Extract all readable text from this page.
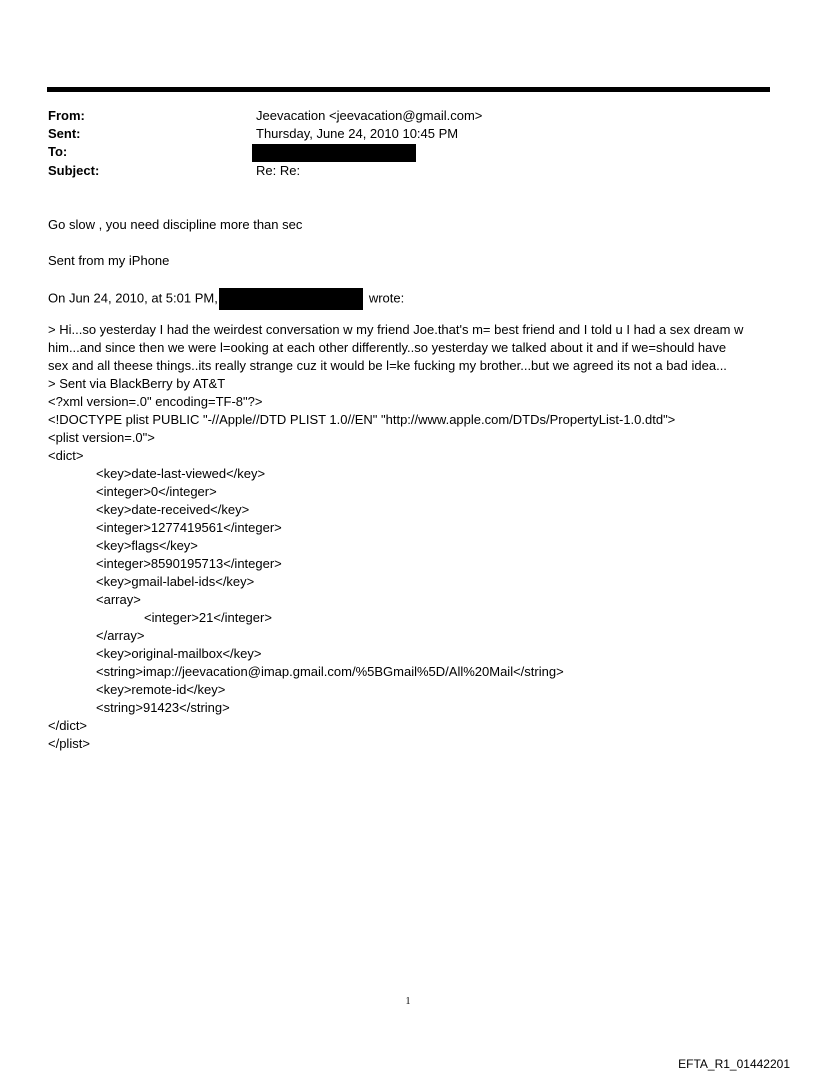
From:	Jeevacation <jeevacation@gmail.com>
Sent:	Thursday, June 24, 2010 10:45 PM
To:
Subject:	Re: Re:
Go slow , you need discipline more than sec
Sent from my iPhone
On Jun 24, 2010, at 5:01 PM,	wrote:
> Hi...so yesterday I had the weirdest conversation w my friend Joe.that's m= best friend and I told u I had a sex dream w
him...and since then we were l=ooking at each other differently..so yesterday we talked about it and if we=should have
sex and all theese things..its really strange cuz it would be l=ke fucking my brother...but we agreed its not a bad idea...
> Sent via BlackBerry by AT&T
<?xml version=.0" encoding=TF-8"?>
<!DOCTYPE plist PUBLIC "-//Apple//DTD PLIST 1.0//EN" "http://www.apple.com/DTDs/PropertyList-1.0.dtd">
<plist version=.0">
<dict>
<key>date-last-viewed</key>
<integer>0</integer>
<key>date-received</key>
<integer>1277419561</integer>
<key>flags</key>
<integer>8590195713</integer>
<key>gmail-label-ids</key>
<array>
<integer>21</integer>
</array>
<key>original-mailbox</key>
<string>imap://jeevacation@imap.gmail.com/%5BGmail%5D/All%20Mail</string>
<key>remote-id</key>
<string>91423</string>
</dict>
</plist>
1
EFTA_R1_01442201
